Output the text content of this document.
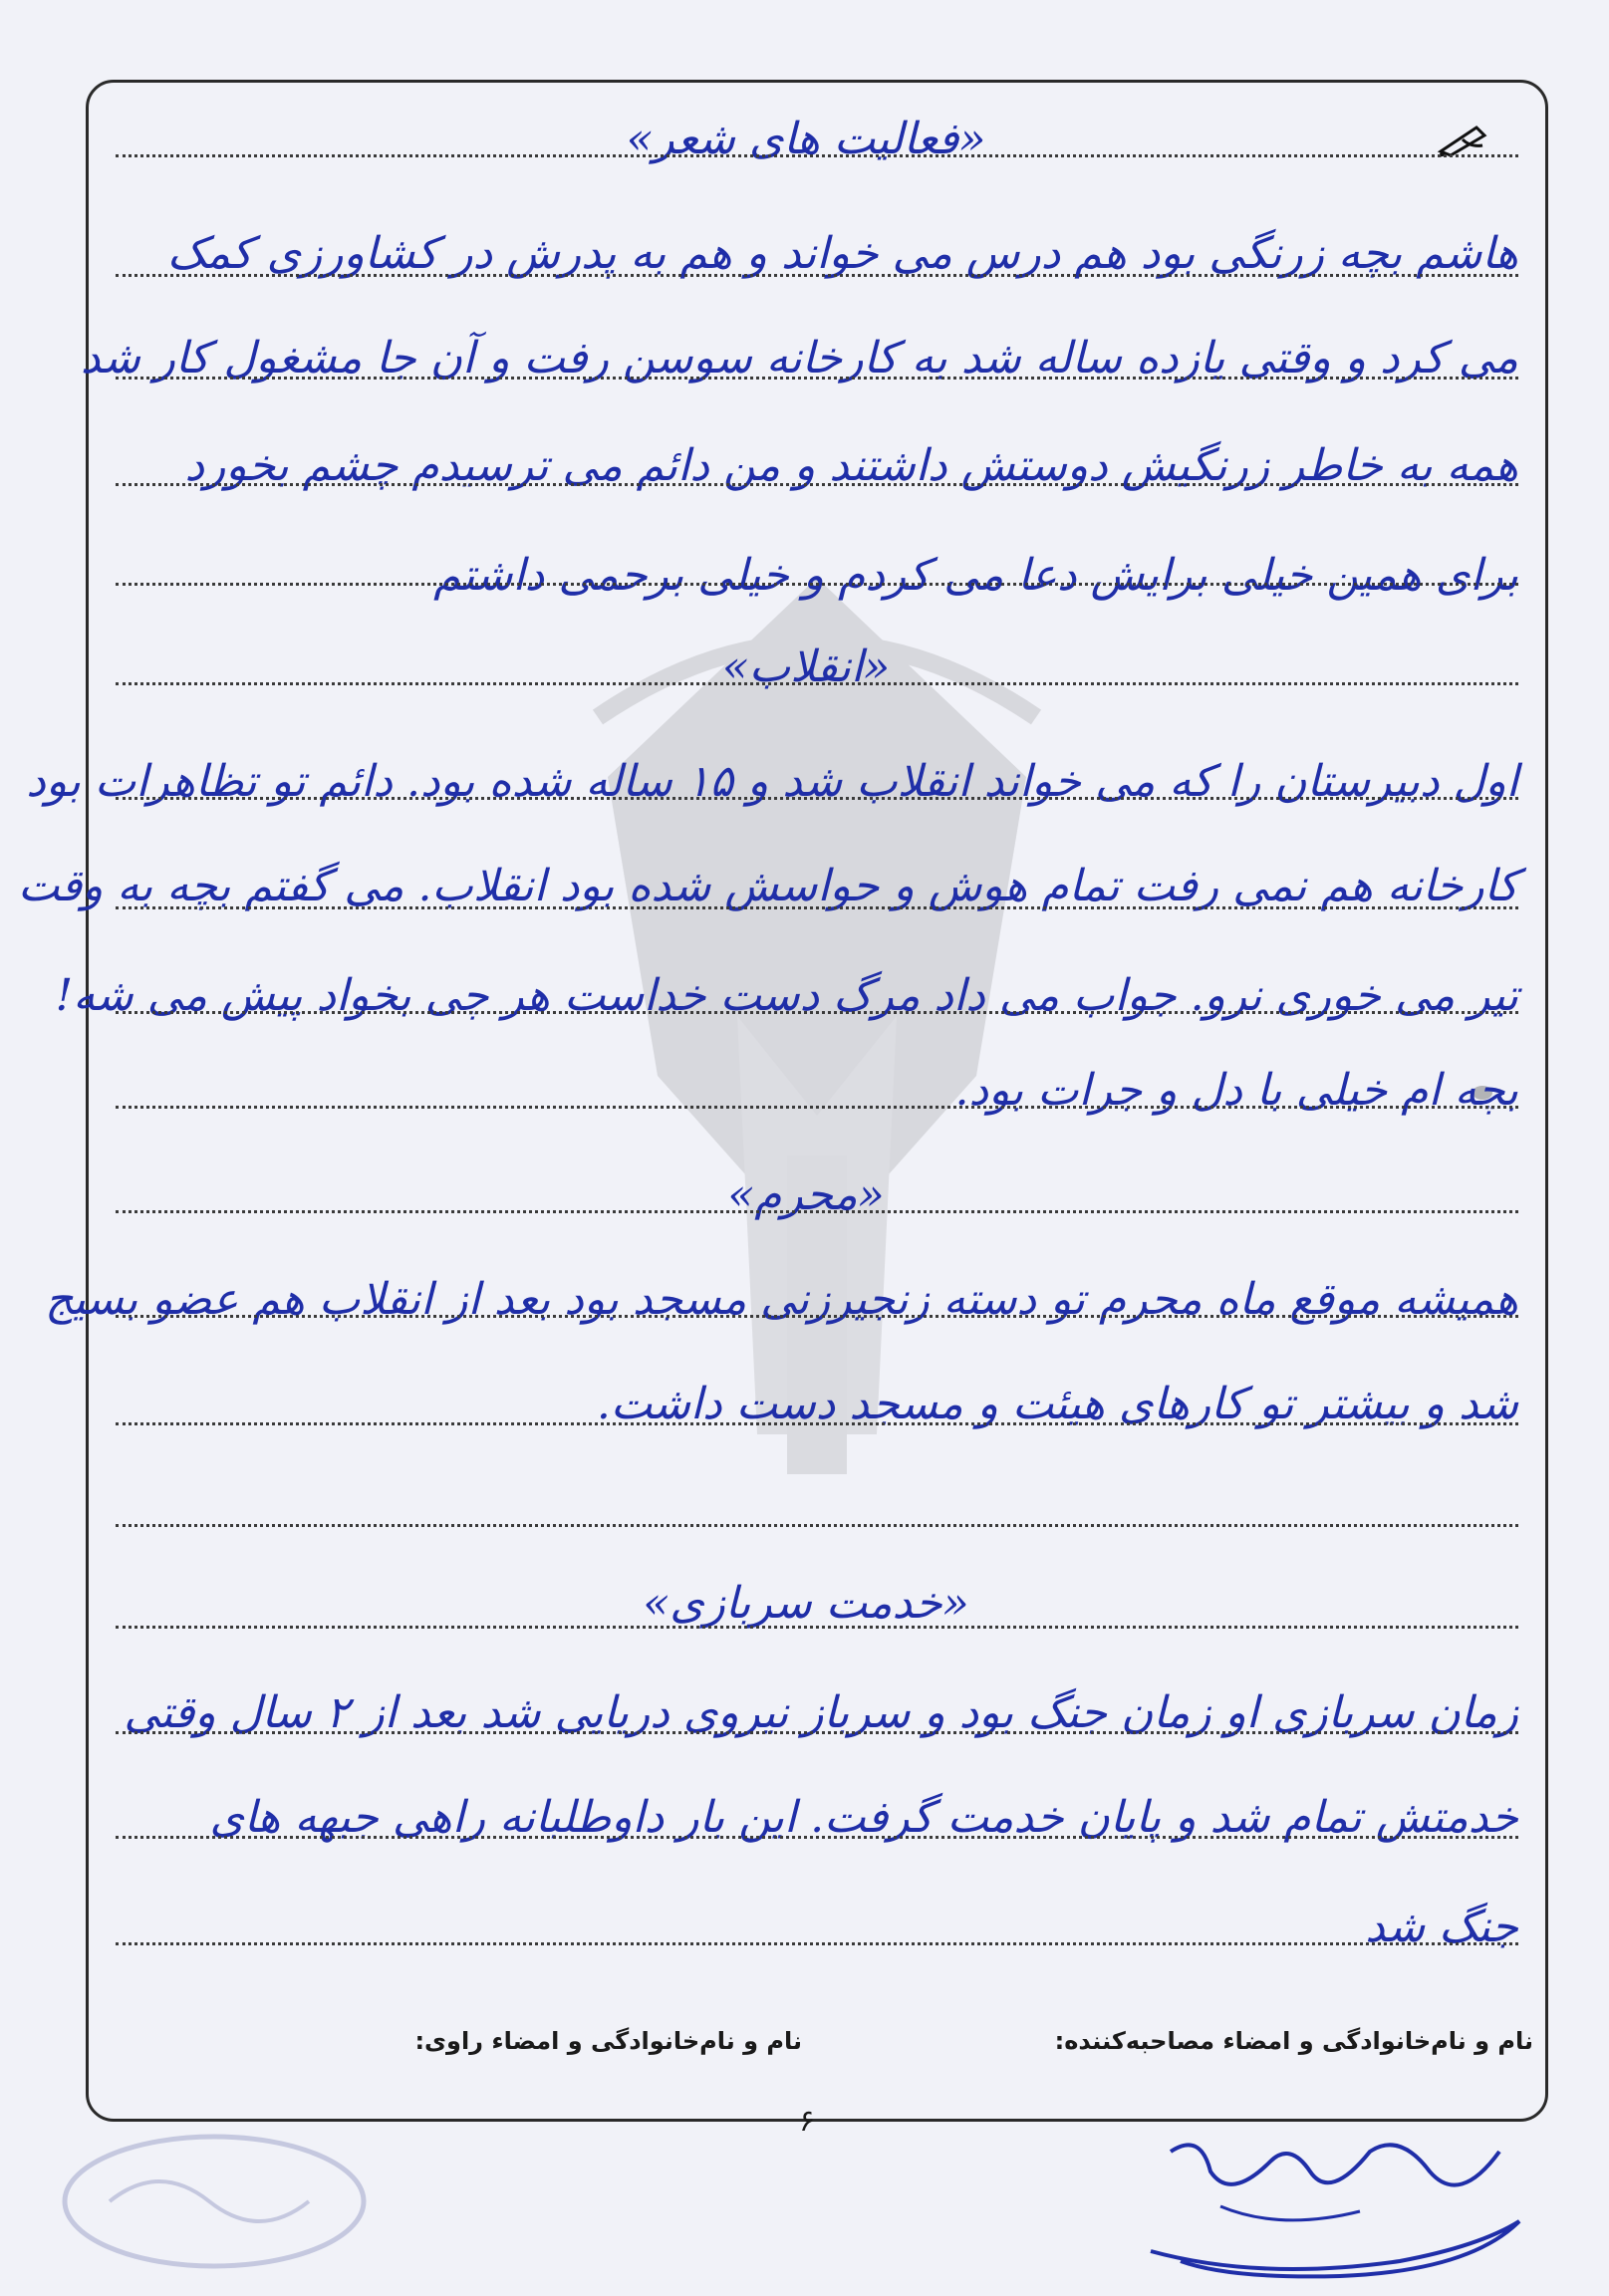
«فعالیت های شعر»
هاشم بچه زرنگی بود هم درس می خواند و هم به پدرش در کشاورزی کمک
می کرد و وقتی یازده ساله شد به کارخانه سوسن رفت و آن جا مشغول کار شد
همه به خاطر زرنگیش دوستش داشتند و من دائم می ترسیدم چشم بخورد
برای همین خیلی برایش دعا می کردم و خیلی برحمی داشتم
«انقلاب»
اول دبیرستان را که می خواند انقلاب شد و ۱۵ ساله شده بود. دائم تو تظاهرات بود
کارخانه هم نمی رفت تمام هوش و حواسش شده بود انقلاب. می گفتم بچه به وقت
تیر می خوری نرو. جواب می داد مرگ دست خداست هر چی بخواد پیش می شه!
بچه ام خیلی با دل و جرات بود.
«محرم»
همیشه موقع ماه محرم تو دسته زنجیرزنی مسجد بود بعد از انقلاب هم عضو بسیج
شد و بیشتر تو کارهای هیئت و مسجد دست داشت.
«خدمت سربازی»
زمان سربازی او زمان جنگ بود و سرباز نیروی دریایی شد بعد از ۲ سال وقتی
خدمتش تمام شد و پایان خدمت گرفت. این بار داوطلبانه راهی جبهه های
جنگ شد
نام و نام‌خانوادگی و امضاء مصاحبه‌کننده:
نام و نام‌خانوادگی و امضاء راوی:
۶
